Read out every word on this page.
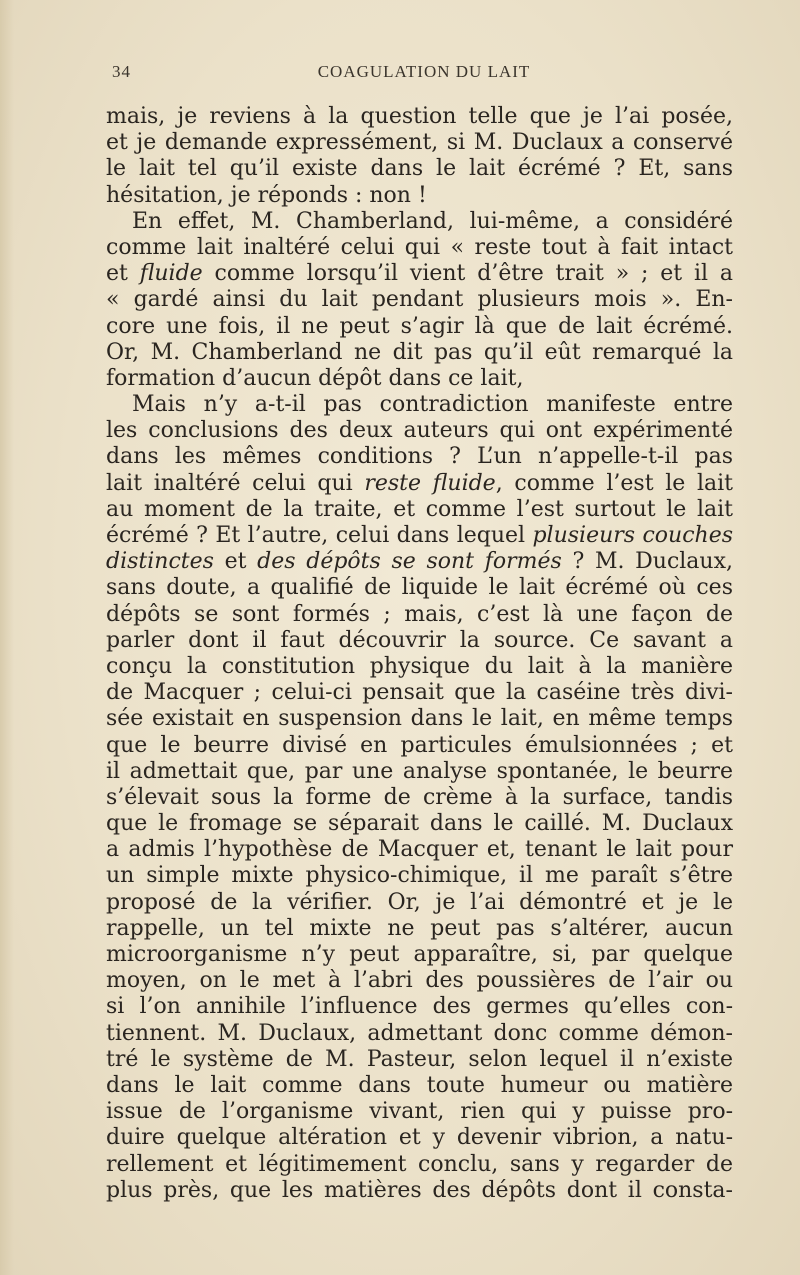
34	COAGULATION DU LAIT
mais, je reviens à la question telle que je l’ai posée,
et je demande expressément, si M. Duclaux a conservé
le lait tel qu’il existe dans le lait écrémé ? Et, sans
hésitation, je réponds : non !
En effet, M. Chamberland, lui-même, a considéré
comme lait inaltéré celui qui « reste tout à fait intact
et fluide comme lorsqu’il vient d’être trait » ; et il a
« gardé ainsi du lait pendant plusieurs mois ». En-
core une fois, il ne peut s’agir là que de lait écrémé.
Or, M. Chamberland ne dit pas qu’il eût remarqué la
formation d’aucun dépôt dans ce lait,
Mais n’y a-t-il pas contradiction manifeste entre
les conclusions des deux auteurs qui ont expérimenté
dans les mêmes conditions ? L’un n’appelle-t-il pas
lait inaltéré celui qui reste fluide, comme l’est le lait
au moment de la traite, et comme l’est surtout le lait
écrémé ? Et l’autre, celui dans lequel plusieurs couches
distinctes et des dépôts se sont formés ? M. Duclaux,
sans doute, a qualifié de liquide le lait écrémé où ces
dépôts se sont formés ; mais, c’est là une façon de
parler dont il faut découvrir la source. Ce savant a
conçu la constitution physique du lait à la manière
de Macquer ; celui-ci pensait que la caséine très divi-
sée existait en suspension dans le lait, en même temps
que le beurre divisé en particules émulsionnées ; et
il admettait que, par une analyse spontanée, le beurre
s’élevait sous la forme de crème à la surface, tandis
que le fromage se séparait dans le caillé. M. Duclaux
a admis l’hypothèse de Macquer et, tenant le lait pour
un simple mixte physico-chimique, il me paraît s’être
proposé de la vérifier. Or, je l’ai démontré et je le
rappelle, un tel mixte ne peut pas s’altérer, aucun
microorganisme n’y peut apparaître, si, par quelque
moyen, on le met à l’abri des poussières de l’air ou
si l’on annihile l’influence des germes qu’elles con-
tiennent. M. Duclaux, admettant donc comme démon-
tré le système de M. Pasteur, selon lequel il n’existe
dans le lait comme dans toute humeur ou matière
issue de l’organisme vivant, rien qui y puisse pro-
duire quelque altération et y devenir vibrion, a natu-
rellement et légitimement conclu, sans y regarder de
plus près, que les matières des dépôts dont il consta-
